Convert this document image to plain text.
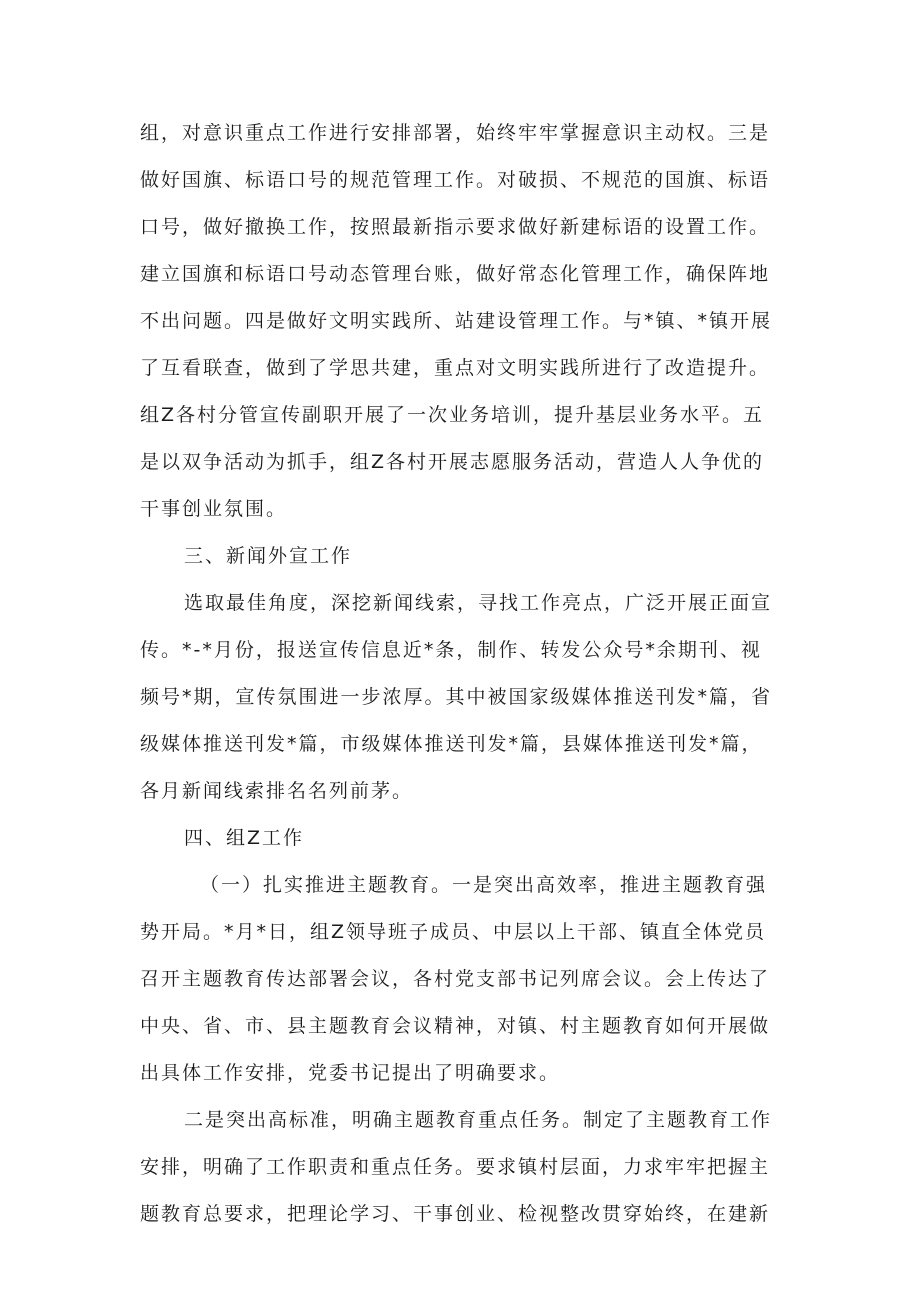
组，对意识重点工作进行安排部署，始终牢牢掌握意识主动权。三是
做好国旗、标语口号的规范管理工作。对破损、不规范的国旗、标语
口号，做好撤换工作，按照最新指示要求做好新建标语的设置工作。
建立国旗和标语口号动态管理台账，做好常态化管理工作，确保阵地
不出问题。四是做好文明实践所、站建设管理工作。与*镇、*镇开展
了互看联查，做到了学思共建，重点对文明实践所进行了改造提升。
组Z各村分管宣传副职开展了一次业务培训，提升基层业务水平。五
是以双争活动为抓手，组Z各村开展志愿服务活动，营造人人争优的
干事创业氛围。
三、新闻外宣工作
选取最佳角度，深挖新闻线索，寻找工作亮点，广泛开展正面宣
传。*-*月份，报送宣传信息近*条，制作、转发公众号*余期刊、视
频号*期，宣传氛围进一步浓厚。其中被国家级媒体推送刊发*篇，省
级媒体推送刊发*篇，市级媒体推送刊发*篇，县媒体推送刊发*篇，
各月新闻线索排名名列前茅。
四、组Z工作
（一）扎实推进主题教育。一是突出高效率，推进主题教育强
势开局。*月*日，组Z领导班子成员、中层以上干部、镇直全体党员
召开主题教育传达部署会议，各村党支部书记列席会议。会上传达了
中央、省、市、县主题教育会议精神，对镇、村主题教育如何开展做
出具体工作安排，党委书记提出了明确要求。
二是突出高标准，明确主题教育重点任务。制定了主题教育工作
安排，明确了工作职责和重点任务。要求镇村层面，力求牢牢把握主
题教育总要求，把理论学习、干事创业、检视整改贯穿始终，在建新
